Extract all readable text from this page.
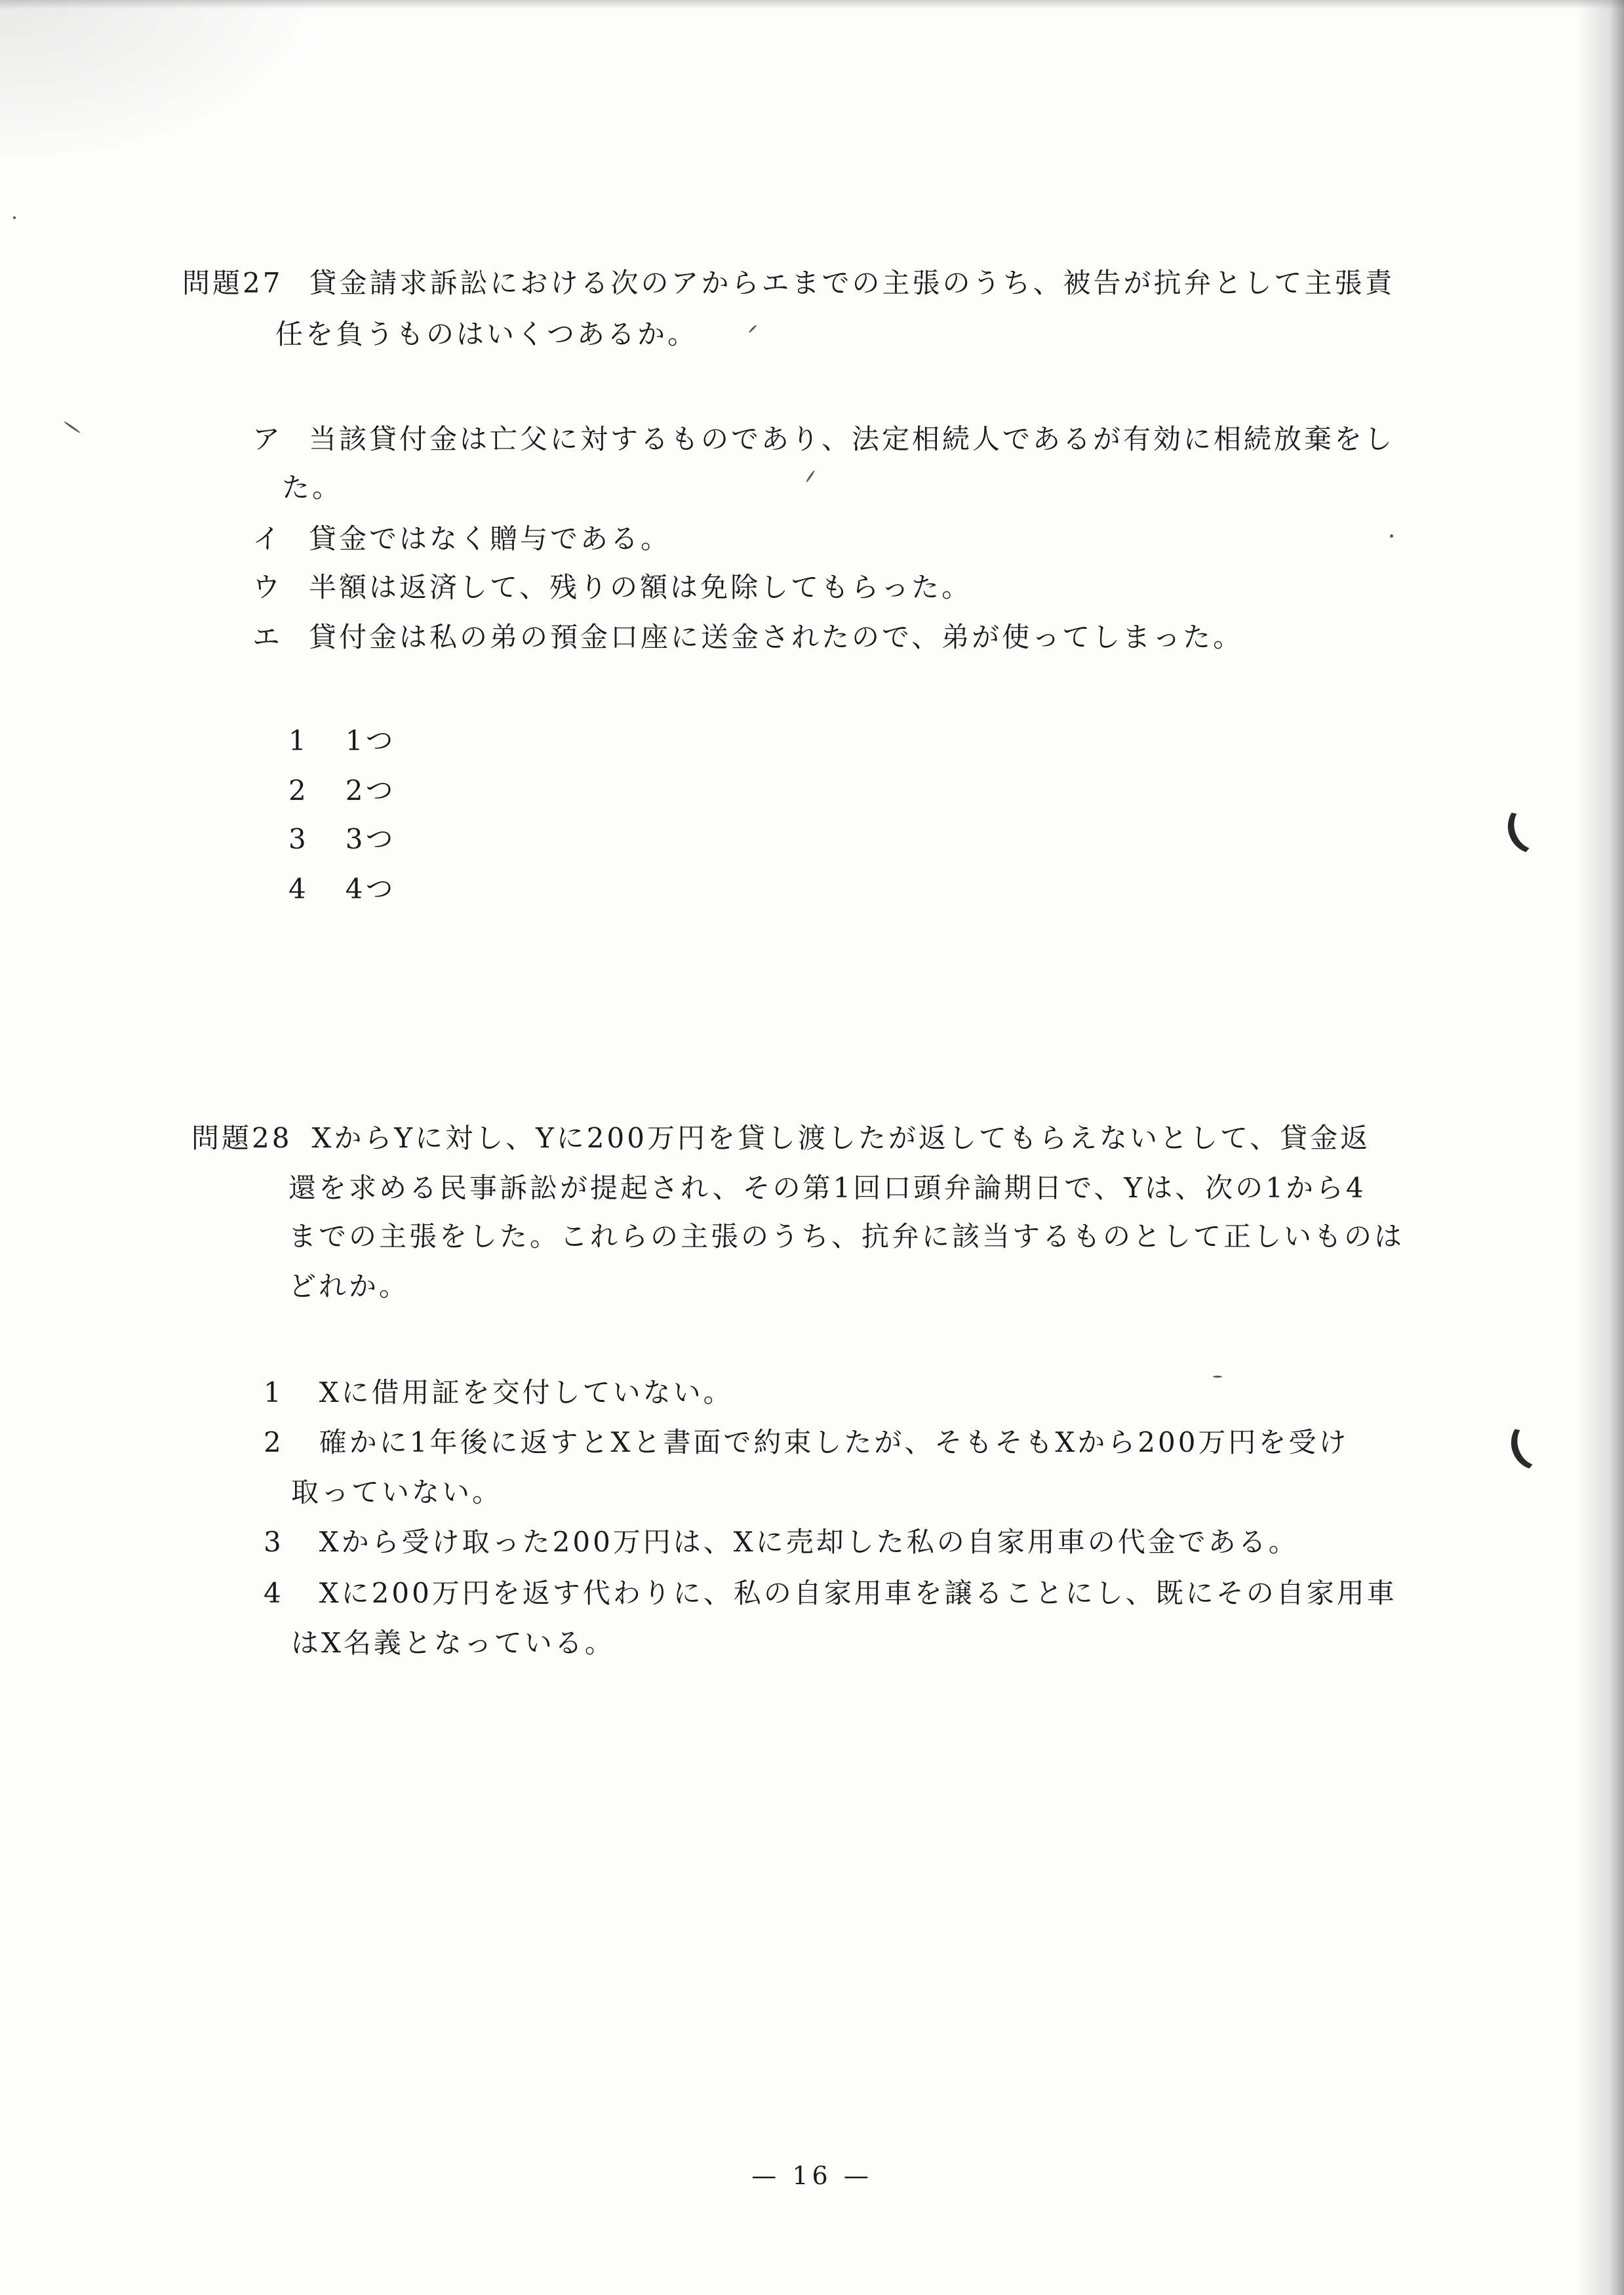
問題27 貸金請求訴訟における次のアからエまでの主張のうち、被告が抗弁として主張責
任を負うものはいくつあるか。
ア 当該貸付金は亡父に対するものであり、法定相続人であるが有効に相続放棄をし
た。
イ 貸金ではなく贈与である。
ウ 半額は返済して、残りの額は免除してもらった。
エ 貸付金は私の弟の預金口座に送金されたので、弟が使ってしまった。
1 1つ
2 2つ
3 3つ
4 4つ
問題28 XからYに対し、Yに200万円を貸し渡したが返してもらえないとして、貸金返
還を求める民事訴訟が提起され、その第1回口頭弁論期日で、Yは、次の1から4
までの主張をした。これらの主張のうち、抗弁に該当するものとして正しいものは
どれか。
1 Xに借用証を交付していない。
2 確かに1年後に返すとXと書面で約束したが、そもそもXから200万円を受け
取っていない。
3 Xから受け取った200万円は、Xに売却した私の自家用車の代金である。
4 Xに200万円を返す代わりに、私の自家用車を譲ることにし、既にその自家用車
はX名義となっている。
— 16 —
